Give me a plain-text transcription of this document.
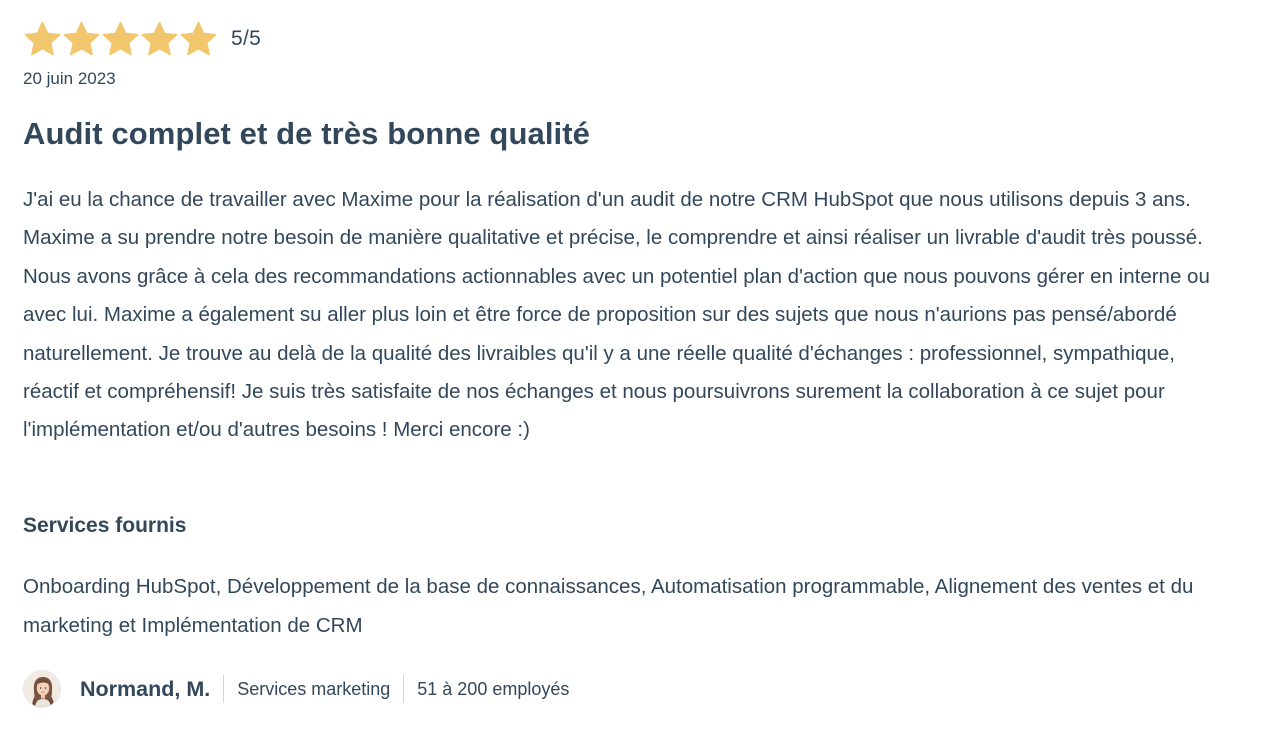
5/5
20 juin 2023
Audit complet et de très bonne qualité

J'ai eu la chance de travailler avec Maxime pour la réalisation d'un audit de notre CRM HubSpot que nous utilisons depuis 3 ans. Maxime a su prendre notre besoin de manière qualitative et précise, le comprendre et ainsi réaliser un livrable d'audit très poussé. Nous avons grâce à cela des recommandations actionnables avec un potentiel plan d'action que nous pouvons gérer en interne ou avec lui. Maxime a également su aller plus loin et être force de proposition sur des sujets que nous n'aurions pas pensé/abordé naturellement. Je trouve au delà de la qualité des livraibles qu'il y a une réelle qualité d'échanges : professionnel, sympathique, réactif et compréhensif! Je suis très satisfaite de nos échanges et nous poursuivrons surement la collaboration à ce sujet pour l'implémentation et/ou d'autres besoins ! Merci encore :)

Services fournis

Onboarding HubSpot, Développement de la base de connaissances, Automatisation programmable, Alignement des ventes et du marketing et Implémentation de CRM

Normand, M. Services marketing 51 à 200 employés
